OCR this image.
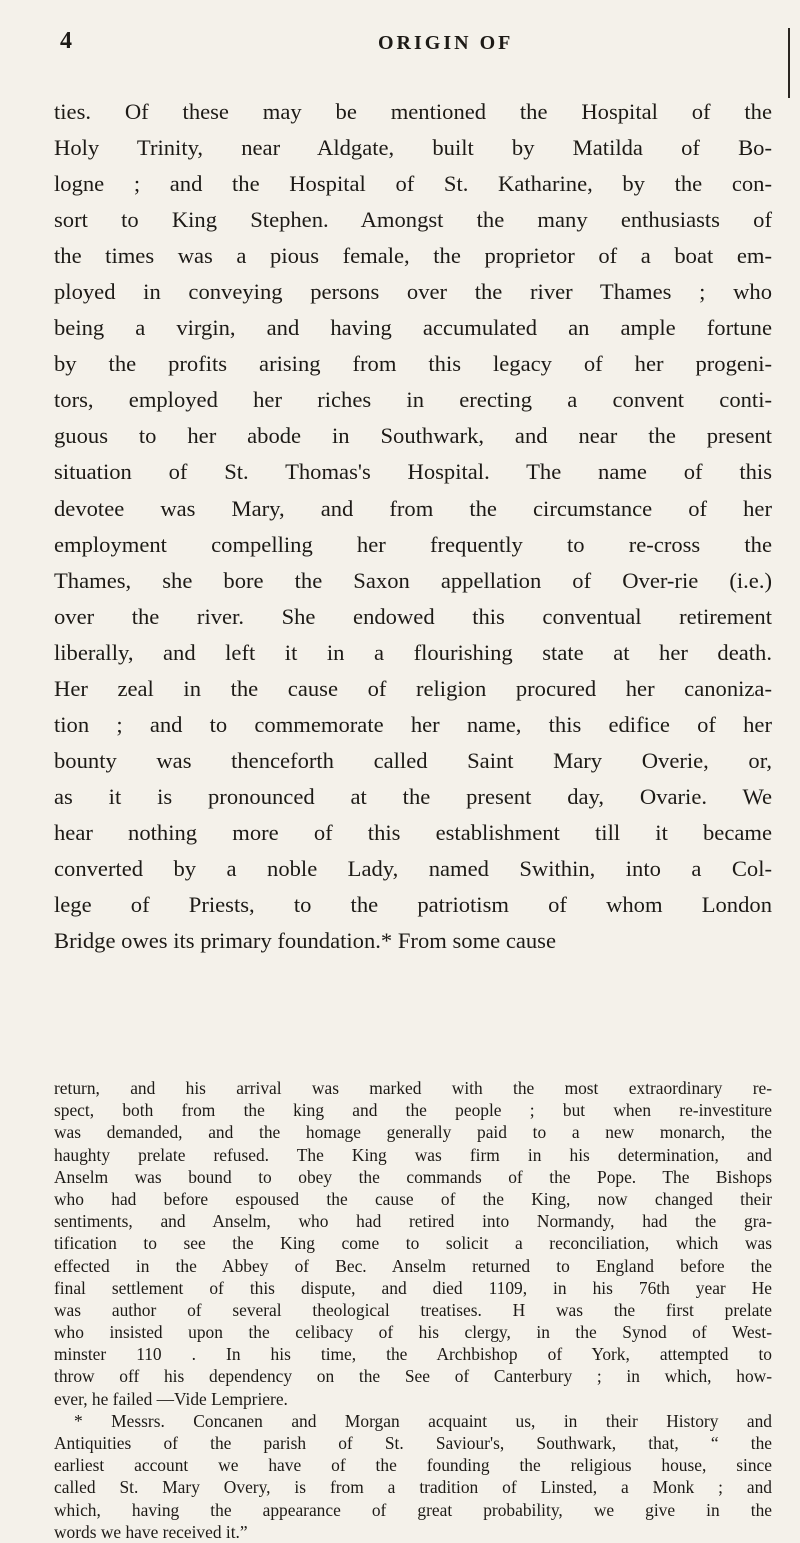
4	ORIGIN OF
ties. Of these may be mentioned the Hospital of the
Holy Trinity, near Aldgate, built by Matilda of Bo-
logne ; and the Hospital of St. Katharine, by the con-
sort to King Stephen. Amongst the many enthusiasts of
the times was a pious female, the proprietor of a boat em-
ployed in conveying persons over the river Thames ; who
being a virgin, and having accumulated an ample fortune
by the profits arising from this legacy of her progeni-
tors, employed her riches in erecting a convent conti-
guous to her abode in Southwark, and near the present
situation of St. Thomas's Hospital. The name of this
devotee was Mary, and from the circumstance of her
employment compelling her frequently to re-cross the
Thames, she bore the Saxon appellation of Over-rie (i.e.)
over the river. She endowed this conventual retirement
liberally, and left it in a flourishing state at her death.
Her zeal in the cause of religion procured her canoniza-
tion ; and to commemorate her name, this edifice of her
bounty was thenceforth called Saint Mary Overie, or,
as it is pronounced at the present day, Ovarie. We
hear nothing more of this establishment till it became
converted by a noble Lady, named Swithin, into a Col-
lege of Priests, to the patriotism of whom London
Bridge owes its primary foundation.* From some cause
return, and his arrival was marked with the most extraordinary re-
spect, both from the king and the people ; but when re-investiture
was demanded, and the homage generally paid to a new monarch, the
haughty prelate refused. The King was firm in his determination, and
Anselm was bound to obey the commands of the Pope. The Bishops
who had before espoused the cause of the King, now changed their
sentiments, and Anselm, who had retired into Normandy, had the gra-
tification to see the King come to solicit a reconciliation, which was
effected in the Abbey of Bec. Anselm returned to England before the
final settlement of this dispute, and died 1109, in his 76th year He
was author of several theological treatises. H was the first prelate
who insisted upon the celibacy of his clergy, in the Synod of West-
minster 110 . In his time, the Archbishop of York, attempted to
throw off his dependency on the See of Canterbury ; in which, how-
ever, he failed —Vide Lempriere.
* Messrs. Concanen and Morgan acquaint us, in their History and
Antiquities of the parish of St. Saviour's, Southwark, that, “ the
earliest account we have of the founding the religious house, since
called St. Mary Overy, is from a tradition of Linsted, a Monk ; and
which, having the appearance of great probability, we give in the
words we have received it.”
